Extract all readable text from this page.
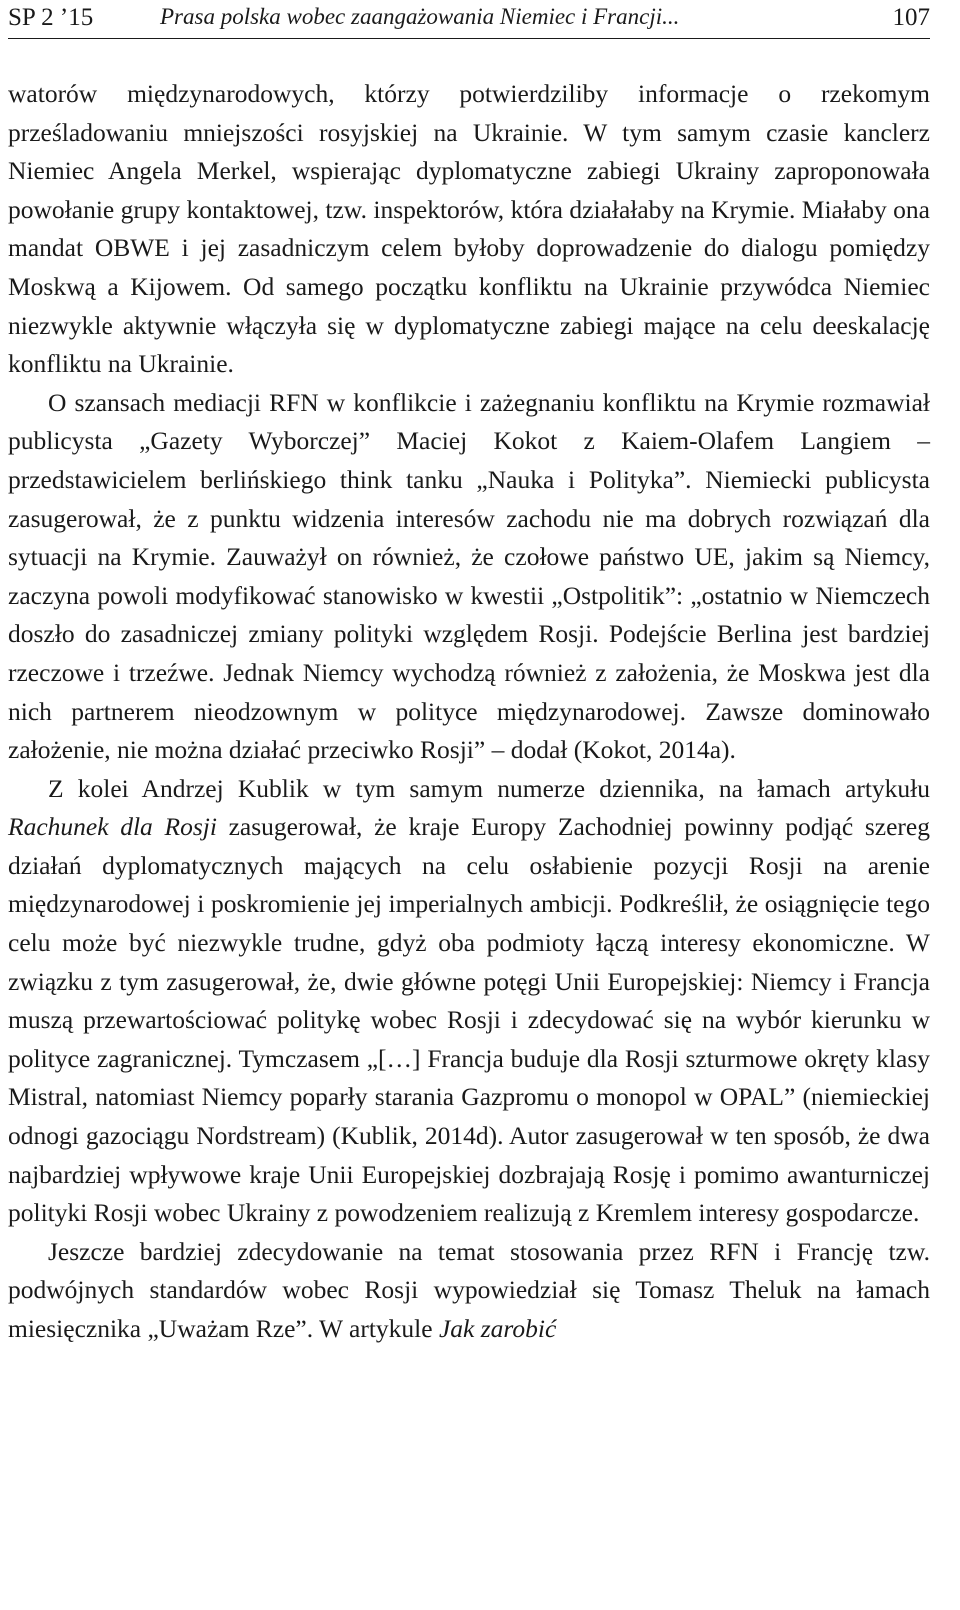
SP 2 ’15	Prasa polska wobec zaangażowania Niemiec i Francji...	107

watorów międzynarodowych, którzy potwierdziliby informacje o rzekomym prześladowaniu mniejszości rosyjskiej na Ukrainie. W tym samym czasie kanclerz Niemiec Angela Merkel, wspierając dyplomatyczne zabiegi Ukrainy zaproponowała powołanie grupy kontaktowej, tzw. inspektorów, która działałaby na Krymie. Miałaby ona mandat OBWE i jej zasadniczym celem byłoby doprowadzenie do dialogu pomiędzy Moskwą a Kijowem. Od samego początku konfliktu na Ukrainie przywódca Niemiec niezwykle aktywnie włączyła się w dyplomatyczne zabiegi mające na celu deeskalację konfliktu na Ukrainie.

O szansach mediacji RFN w konflikcie i zażegnaniu konfliktu na Krymie rozmawiał publicysta „Gazety Wyborczej” Maciej Kokot z Kaiem-Olafem Langiem – przedstawicielem berlińskiego think tanku „Nauka i Polityka”. Niemiecki publicysta zasugerował, że z punktu widzenia interesów zachodu nie ma dobrych rozwiązań dla sytuacji na Krymie. Zauważył on również, że czołowe państwo UE, jakim są Niemcy, zaczyna powoli modyfikować stanowisko w kwestii „Ostpolitik”: „ostatnio w Niemczech doszło do zasadniczej zmiany polityki względem Rosji. Podejście Berlina jest bardziej rzeczowe i trzeźwe. Jednak Niemcy wychodzą również z założenia, że Moskwa jest dla nich partnerem nieodzownym w polityce międzynarodowej. Zawsze dominowało założenie, nie można działać przeciwko Rosji” – dodał (Kokot, 2014a).

Z kolei Andrzej Kublik w tym samym numerze dziennika, na łamach artykułu Rachunek dla Rosji zasugerował, że kraje Europy Zachodniej powinny podjąć szereg działań dyplomatycznych mających na celu osłabienie pozycji Rosji na arenie międzynarodowej i poskromienie jej imperialnych ambicji. Podkreślił, że osiągnięcie tego celu może być niezwykle trudne, gdyż oba podmioty łączą interesy ekonomiczne. W związku z tym zasugerował, że, dwie główne potęgi Unii Europejskiej: Niemcy i Francja muszą przewartościować politykę wobec Rosji i zdecydować się na wybór kierunku w polityce zagranicznej. Tymczasem „[…] Francja buduje dla Rosji szturmowe okręty klasy Mistral, natomiast Niemcy poparły starania Gazpromu o monopol w OPAL” (niemieckiej odnogi gazociągu Nordstream) (Kublik, 2014d). Autor zasugerował w ten sposób, że dwa najbardziej wpływowe kraje Unii Europejskiej dozbrajają Rosję i pomimo awanturniczej polityki Rosji wobec Ukrainy z powodzeniem realizują z Kremlem interesy gospodarcze.

Jeszcze bardziej zdecydowanie na temat stosowania przez RFN i Francję tzw. podwójnych standardów wobec Rosji wypowiedział się Tomasz Theluk na łamach miesięcznika „Uważam Rze”. W artykule Jak zarobić
